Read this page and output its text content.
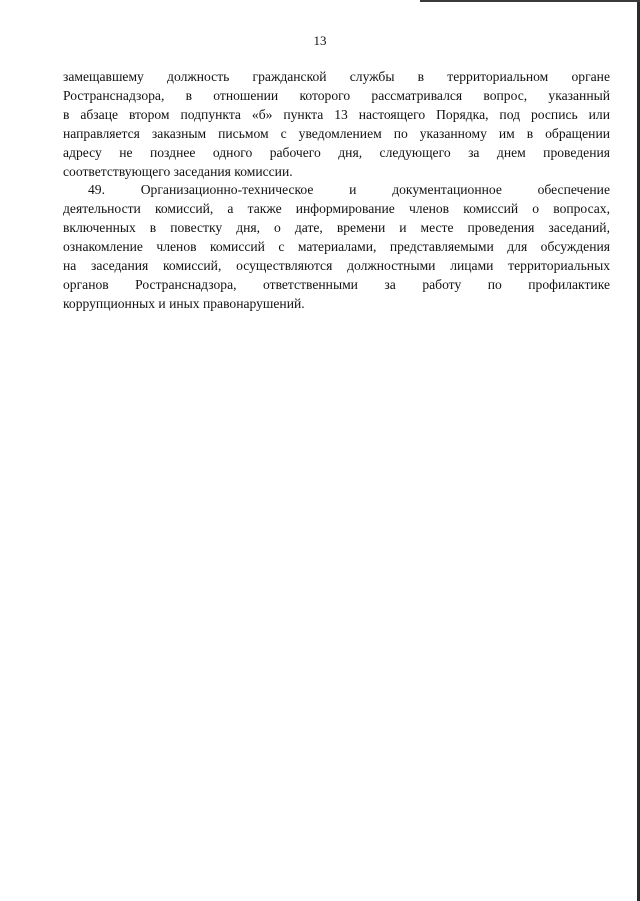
13

замещавшему должность гражданской службы в территориальном органе
Ространснадзора, в отношении которого рассматривался вопрос, указанный
в абзаце втором подпункта «б» пункта 13 настоящего Порядка, под роспись или
направляется заказным письмом с уведомлением по указанному им в обращении
адресу не позднее одного рабочего дня, следующего за днем проведения
соответствующего заседания комиссии.

49. Организационно-техническое и документационное обеспечение
деятельности комиссий, а также информирование членов комиссий о вопросах,
включенных в повестку дня, о дате, времени и месте проведения заседаний,
ознакомление членов комиссий с материалами, представляемыми для обсуждения
на заседания комиссий, осуществляются должностными лицами территориальных
органов Ространснадзора, ответственными за работу по профилактике
коррупционных и иных правонарушений.
